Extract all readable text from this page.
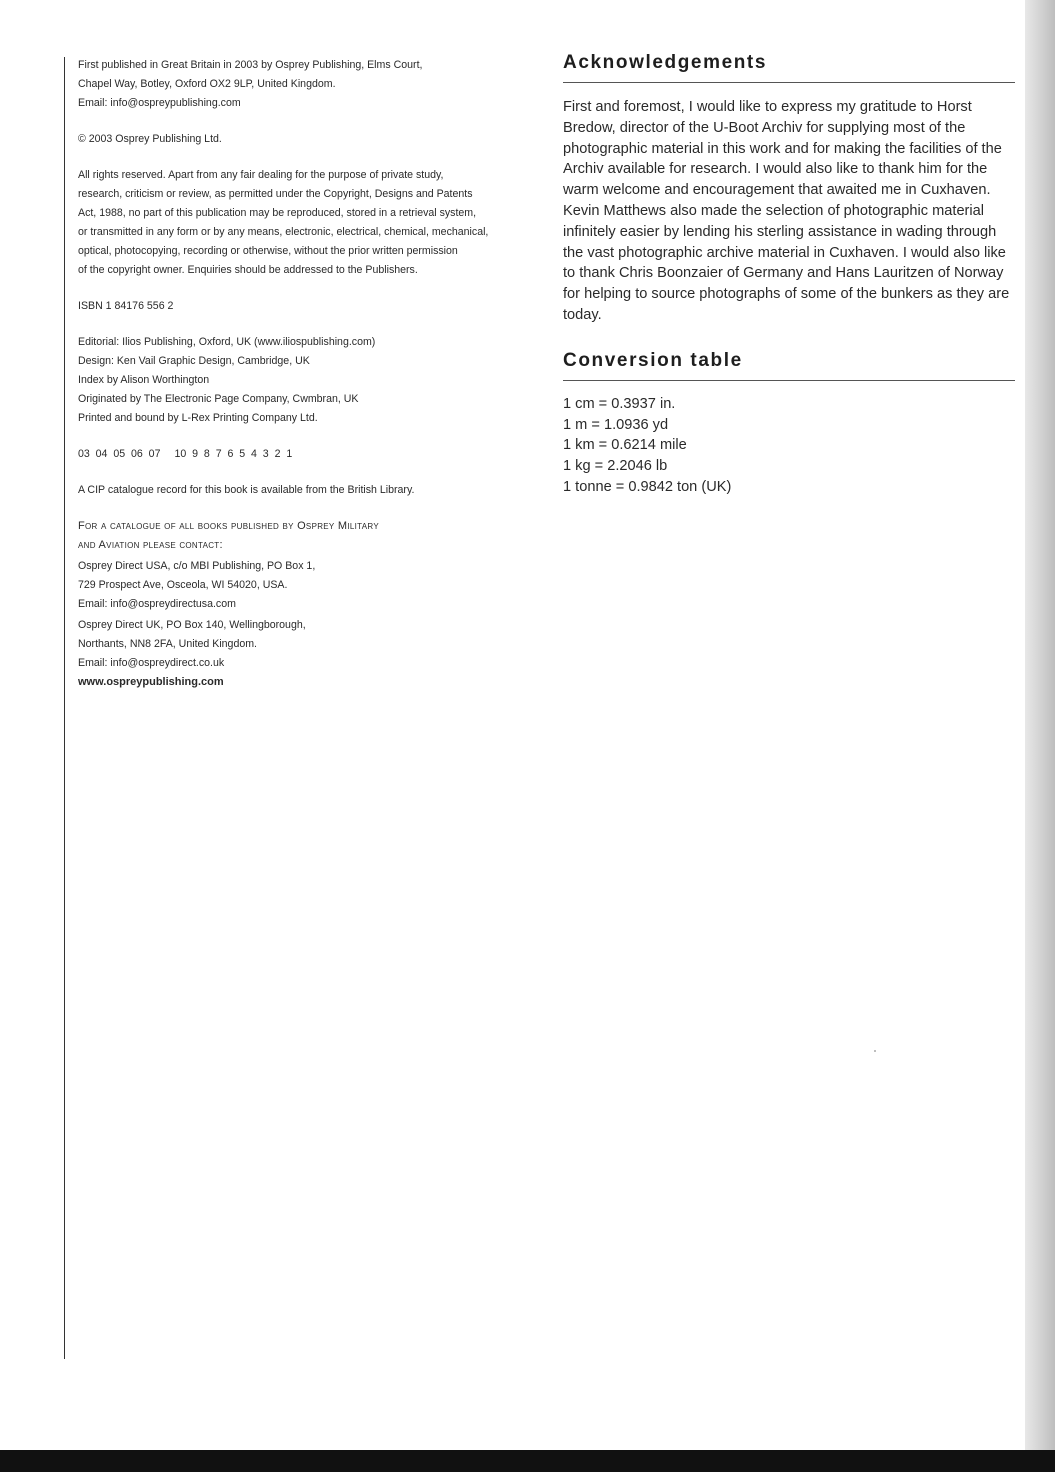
First published in Great Britain in 2003 by Osprey Publishing, Elms Court,

Chapel Way, Botley, Oxford OX2 9LP, United Kingdom.

Email: info@ospreypublishing.com

© 2003 Osprey Publishing Ltd.

All rights reserved. Apart from any fair dealing for the purpose of private study,

research, criticism or review, as permitted under the Copyright, Designs and Patents

Act, 1988, no part of this publication may be reproduced, stored in a retrieval system,

or transmitted in any form or by any means, electronic, electrical, chemical, mechanical,

optical, photocopying, recording or otherwise, without the prior written permission

of the copyright owner. Enquiries should be addressed to the Publishers.

ISBN 1 84176 556 2

Editorial: Ilios Publishing, Oxford, UK (www.iliospublishing.com)

Design: Ken Vail Graphic Design, Cambridge, UK

Index by Alison Worthington

Originated by The Electronic Page Company, Cwmbran, UK

Printed and bound by L-Rex Printing Company Ltd.

03  04  05  06  07 10  9  8  7  6  5  4  3  2  1

A CIP catalogue record for this book is available from the British Library.

For a catalogue of all books published by Osprey Military

and Aviation please contact:

Osprey Direct USA, c/o MBI Publishing, PO Box 1,

729 Prospect Ave, Osceola, WI 54020, USA.

Email: info@ospreydirectusa.com

Osprey Direct UK, PO Box 140, Wellingborough,

Northants, NN8 2FA, United Kingdom.

Email: info@ospreydirect.co.uk

www.ospreypublishing.com

Acknowledgements

First and foremost, I would like to express my gratitude to Horst Bredow, director of the U-Boot Archiv for supplying most of the photographic material in this work and for making the facilities of the Archiv available for research. I would also like to thank him for the warm welcome and encouragement that awaited me in Cuxhaven. Kevin Matthews also made the selection of photographic material infinitely easier by lending his sterling assistance in wading through the vast photographic archive material in Cuxhaven. I would also like to thank Chris Boonzaier of Germany and Hans Lauritzen of Norway for helping to source photographs of some of the bunkers as they are today.

Conversion table
1 cm = 0.3937 in.
1 m = 1.0936 yd
1 km = 0.6214 mile
1 kg = 2.2046 lb
1 tonne = 0.9842 ton (UK)
